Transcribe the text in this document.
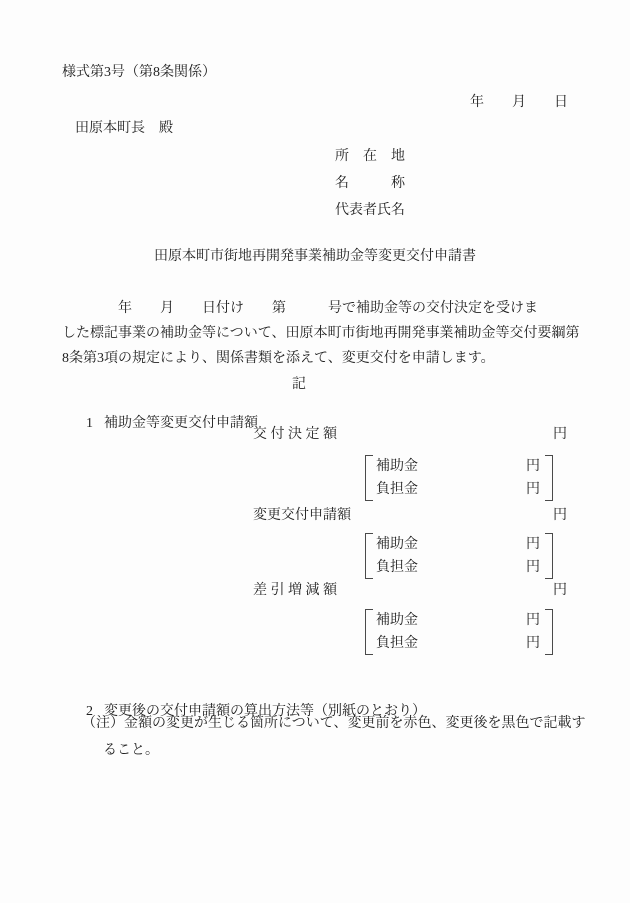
様式第3号（第8条関係）
年　　月　　日
田原本町長　殿
所　在　地
名　　　称
代表者氏名
田原本町市街地再開発事業補助金等変更交付申請書
　　　　年　　月　　日付け　　第　　　号で補助金等の交付決定を受けま
した標記事業の補助金等について、田原本町市街地再開発事業補助金等交付要綱第
8条第3項の規定により、関係書類を添えて、変更交付を申請します。
記

1 補助金等変更交付申請額

交 付 決 定 額	円
補助金	円
負担金	円
変更交付申請額	円
補助金	円
負担金	円
差 引 増 減 額	円
補助金	円
負担金	円

2 変更後の交付申請額の算出方法等（別紙のとおり）

（注）金額の変更が生じる箇所について、変更前を赤色、変更後を黒色で記載す
ること。
